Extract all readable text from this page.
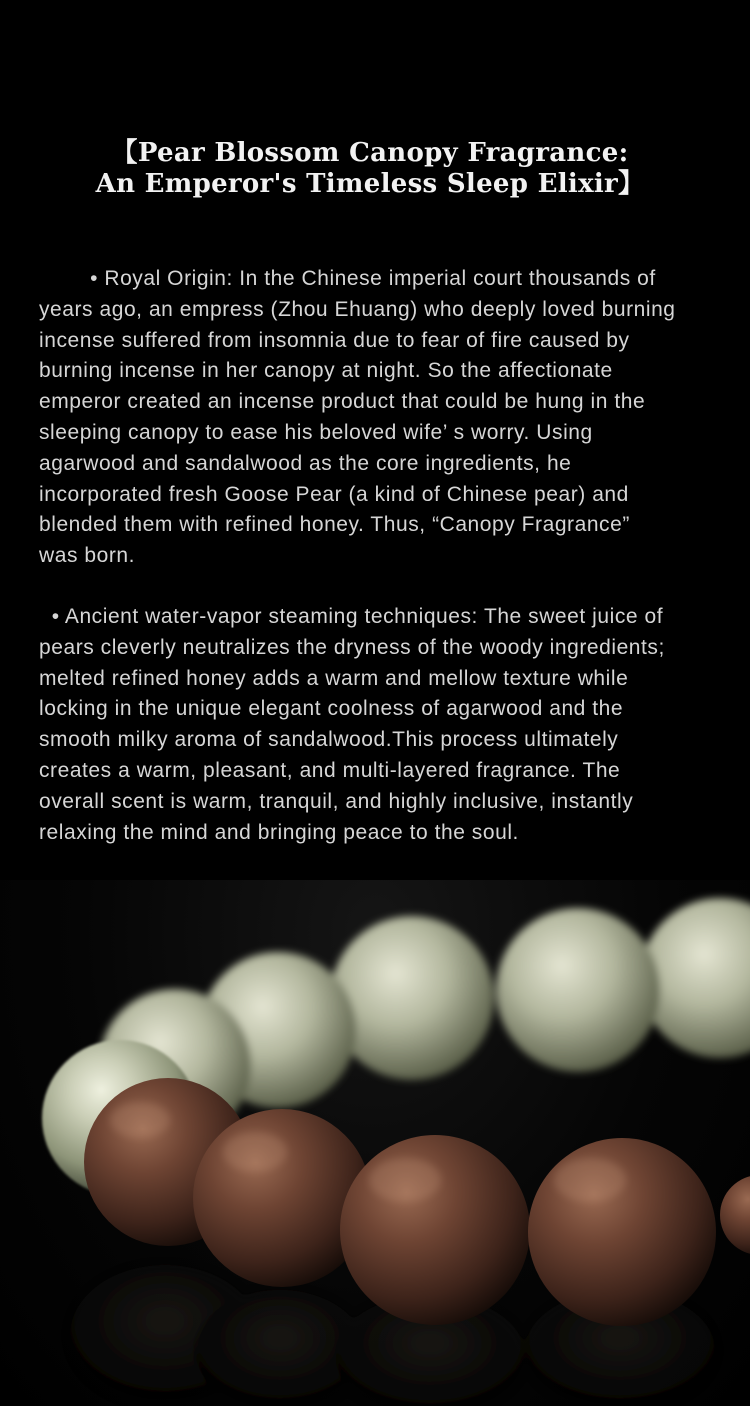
【Pear Blossom Canopy Fragrance:
An Emperor's Timeless Sleep Elixir】
• Royal Origin: In the Chinese imperial court thousands of
years ago, an empress (Zhou Ehuang) who deeply loved burning
incense suffered from insomnia due to fear of fire caused by
burning incense in her canopy at night. So the affectionate
emperor created an incense product that could be hung in the
sleeping canopy to ease his beloved wife’ s worry. Using
agarwood and sandalwood as the core ingredients, he
incorporated fresh Goose Pear (a kind of Chinese pear) and
blended them with refined honey. Thus, “Canopy Fragrance”
was born.
• Ancient water-vapor steaming techniques: The sweet juice of
pears cleverly neutralizes the dryness of the woody ingredients;
melted refined honey adds a warm and mellow texture while
locking in the unique elegant coolness of agarwood and the
smooth milky aroma of sandalwood.This process ultimately
creates a warm, pleasant, and multi-layered fragrance. The
overall scent is warm, tranquil, and highly inclusive, instantly
relaxing the mind and bringing peace to the soul.
